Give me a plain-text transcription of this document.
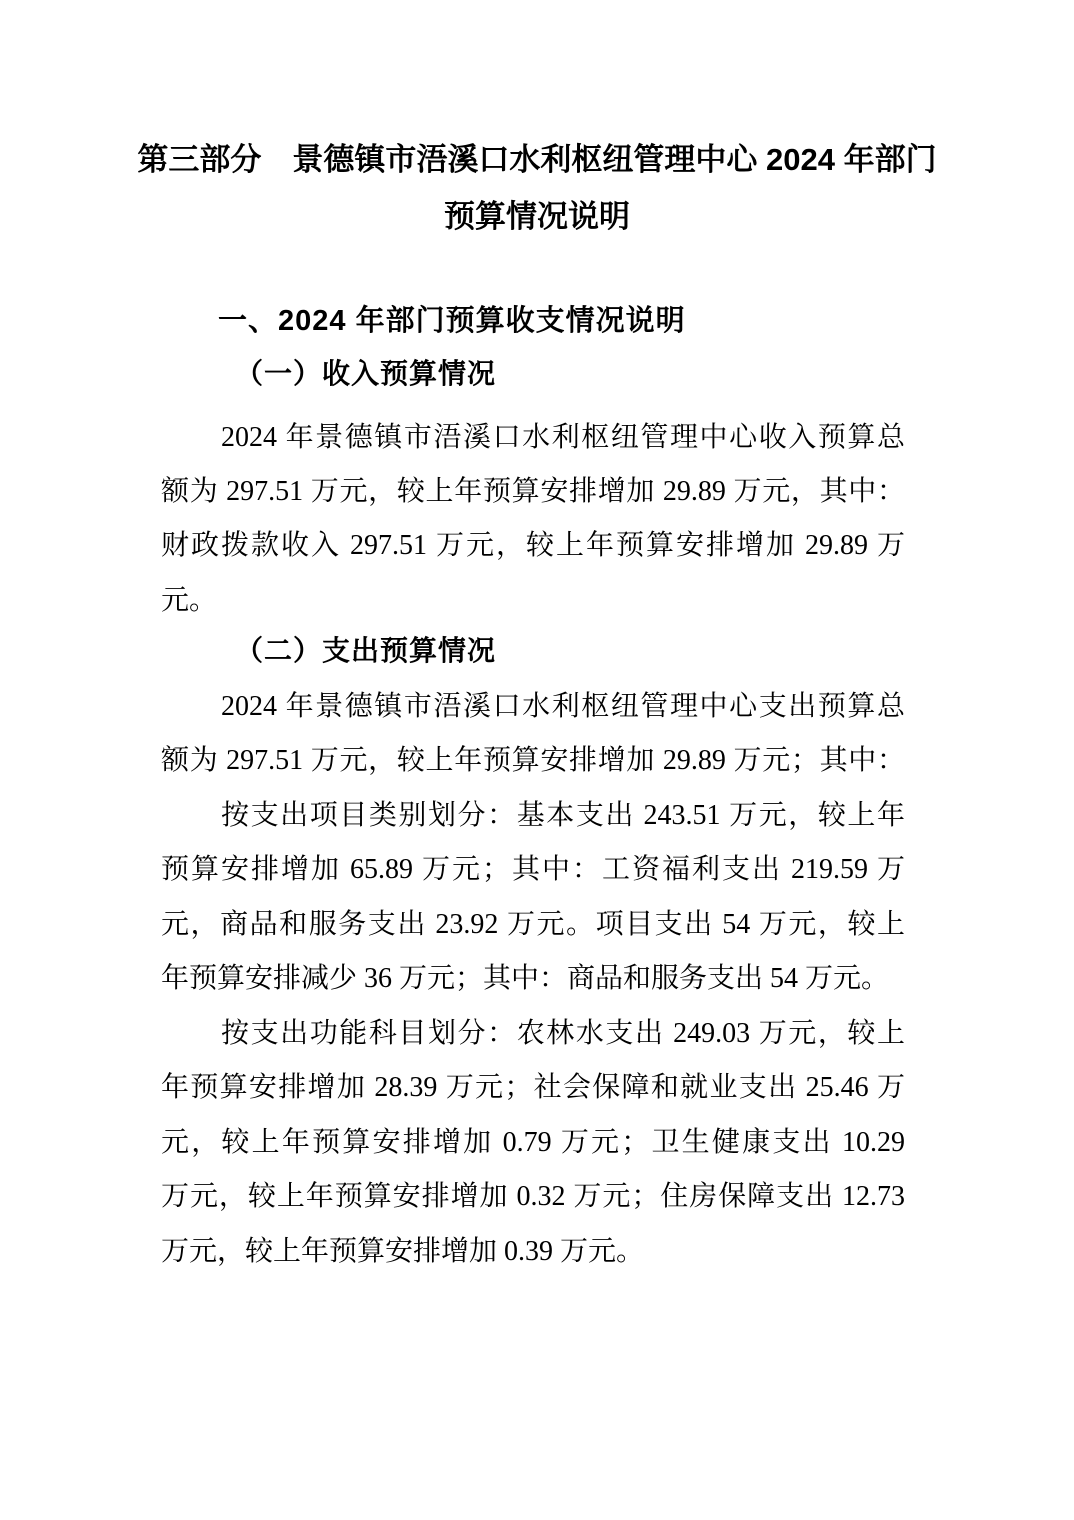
第三部分　景德镇市浯溪口水利枢纽管理中心 2024 年部门
预算情况说明
一、2024 年部门预算收支情况说明
（一）收入预算情况
2024 年景德镇市浯溪口水利枢纽管理中心收入预算总
额为 297.51 万元，较上年预算安排增加 29.89 万元，其中：
财政拨款收入 297.51 万元，较上年预算安排增加 29.89 万
元。
（二）支出预算情况
2024 年景德镇市浯溪口水利枢纽管理中心支出预算总
额为 297.51 万元，较上年预算安排增加 29.89 万元；其中：
按支出项目类别划分：基本支出 243.51 万元，较上年
预算安排增加 65.89 万元；其中：工资福利支出 219.59 万
元，商品和服务支出 23.92 万元。项目支出 54 万元，较上
年预算安排减少 36 万元；其中：商品和服务支出 54 万元。
按支出功能科目划分：农林水支出 249.03 万元，较上
年预算安排增加 28.39 万元；社会保障和就业支出 25.46 万
元，较上年预算安排增加 0.79 万元；卫生健康支出 10.29
万元，较上年预算安排增加 0.32 万元；住房保障支出 12.73
万元，较上年预算安排增加 0.39 万元。
